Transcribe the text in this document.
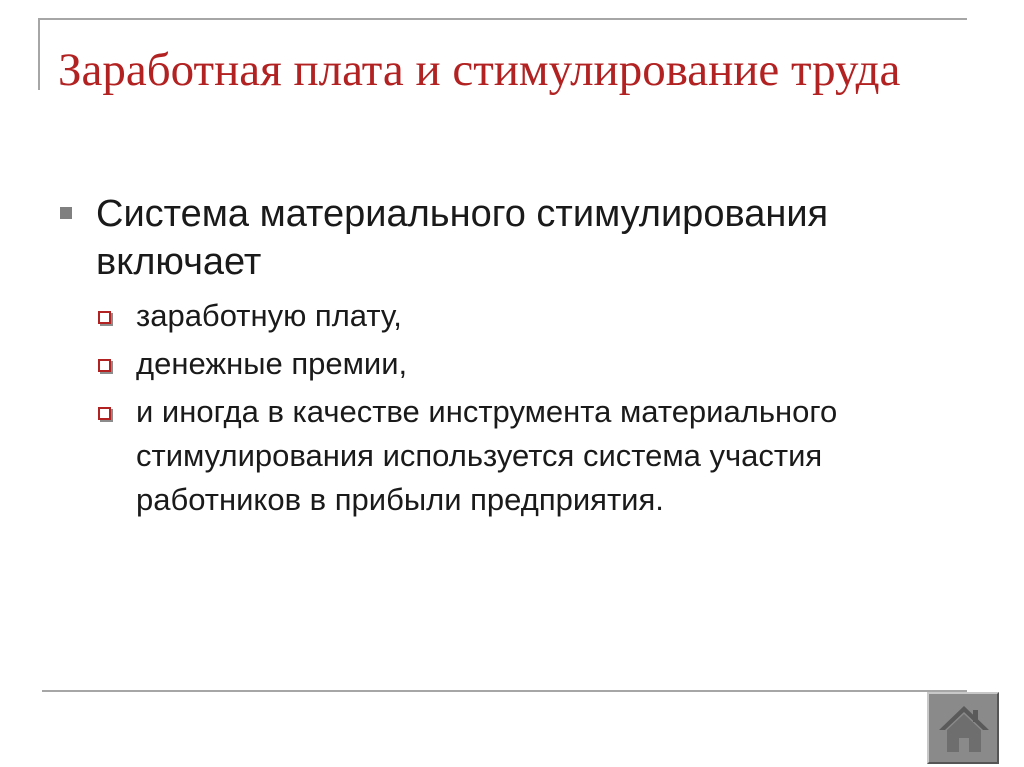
Заработная плата и стимулирование труда
Система материального стимулирования включает
заработную плату,
денежные премии,
и иногда в качестве инструмента материального стимулирования используется система участия работников в прибыли предприятия.
